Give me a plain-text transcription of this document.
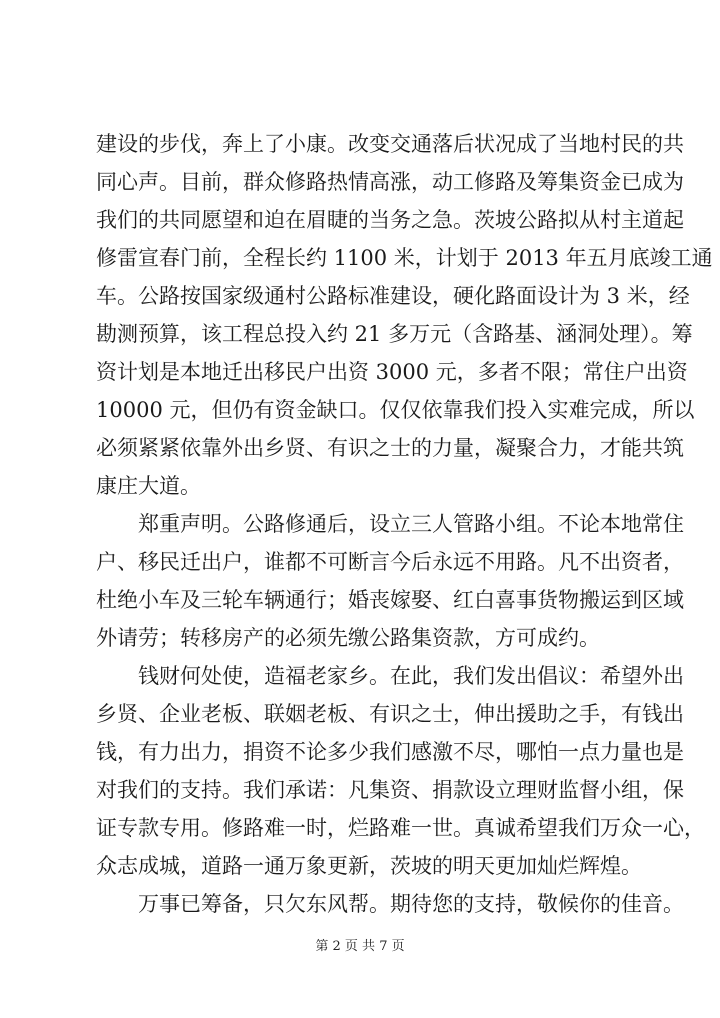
建设的步伐，奔上了小康。改变交通落后状况成了当地村民的共
同心声。目前，群众修路热情高涨，动工修路及筹集资金已成为
我们的共同愿望和迫在眉睫的当务之急。茨坡公路拟从村主道起
修雷宣春门前，全程长约 1100 米，计划于 2013 年五月底竣工通
车。公路按国家级通村公路标准建设，硬化路面设计为 3 米，经
勘测预算，该工程总投入约 21 多万元（含路基、涵洞处理）。筹
资计划是本地迁出移民户出资 3000 元，多者不限；常住户出资
10000 元，但仍有资金缺口。仅仅依靠我们投入实难完成，所以
必须紧紧依靠外出乡贤、有识之士的力量，凝聚合力，才能共筑
康庄大道。
郑重声明。公路修通后，设立三人管路小组。不论本地常住
户、移民迁出户，谁都不可断言今后永远不用路。凡不出资者，
杜绝小车及三轮车辆通行；婚丧嫁娶、红白喜事货物搬运到区域
外请劳；转移房产的必须先缴公路集资款，方可成约。
钱财何处使，造福老家乡。在此，我们发出倡议：希望外出
乡贤、企业老板、联姻老板、有识之士，伸出援助之手，有钱出
钱，有力出力，捐资不论多少我们感激不尽，哪怕一点力量也是
对我们的支持。我们承诺：凡集资、捐款设立理财监督小组，保
证专款专用。修路难一时，烂路难一世。真诚希望我们万众一心，
众志成城，道路一通万象更新，茨坡的明天更加灿烂辉煌。
万事已筹备，只欠东风帮。期待您的支持，敬候你的佳音。
第 2 页 共 7 页
